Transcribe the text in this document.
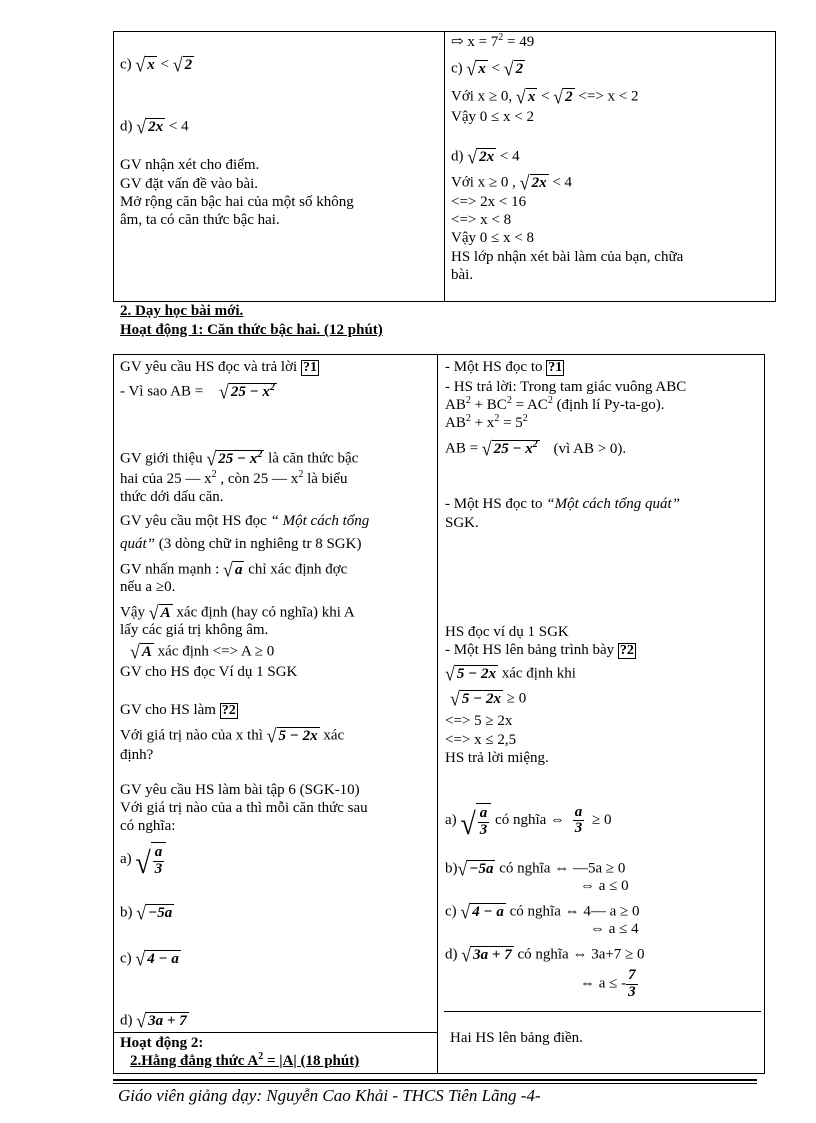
c) √ x < √ 2
d) √ 2x < 4
GV nhận xét cho điểm.
GV đặt vấn đề vào bài.
Mở rộng căn bậc hai của một số không
âm, ta có căn thức bậc hai.
⇨ $x = 7^2 = 49$
c) √ x < √ 2
Với x ≥ 0, √ x < √ 2 <=> x < 2
Vậy 0 ≤ x < 2
d) √ 2x < 4
Với x ≥ 0 , √ 2x < 4
<=> 2x < 16
<=> x < 8
Vậy 0 ≤ x < 8
HS lớp nhận xét bài làm của bạn, chữa
bài.
2. Dạy học bài mới.
Hoạt động 1: Căn thức bậc hai. (12 phút)
GV yêu cầu HS đọc và trả lời ?1
- Vì sao AB = √ $25 - x^2$
GV giới thiệu √ $25 - x^2$ là căn thức bậc
hai của 25 — $x^2$ , còn 25 — $x^2$ là biểu
thức dới dấu căn.
GV yêu cầu một HS đọc “ Một cách tổng
quát” (3 dòng chữ in nghiêng tr 8 SGK)
GV nhấn mạnh : √ a chỉ xác định đợc
nếu a ≥0.
Vậy √ A xác định (hay có nghĩa) khi A
lấy các giá trị không âm.
√ A xác định <=> A ≥ 0
GV cho HS đọc Ví dụ 1 SGK
GV cho HS làm ?2
Với giá trị nào của x thì √ 5 − 2x xác
định?
GV yêu cầu HS làm bài tập 6 (SGK-10)
Với giá trị nào của a thì mỗi căn thức sau
có nghĩa:
a) √ $\frac{a}{3}$
b) √ −5a
c) √ 4 − a
d) √ 3a + 7
Hoạt động 2:
2.Hằng đẳng thức $A^2 = |A|$ (18 phút)
- Một HS đọc to ?1
- HS trả lời: Trong tam giác vuông ABC
$AB^2 + BC^2 = AC^2$ (định lí Py-ta-go).
$AB^2 + x^2 = 5^2$
AB = √ $25 - x^2$ (vì AB > 0).
- Một HS đọc to “Một cách tổng quát”
SGK.
HS đọc ví dụ 1 SGK
- Một HS lên bảng trình bày ?2
√ 5 − 2x xác định khi
√ 5 − 2x ≥ 0
<=> 5 ≥ 2x
<=> x ≤ 2,5
HS trả lời miệng.
a) √ $\frac{a}{3}$ có nghĩa ⇔ $\frac{a}{3} \ge 0$
b) √ −5a có nghĩa ⇔ —5a ≥ 0
⇔ a ≤ 0
c) √ 4 − a có nghĩa ⇔ 4— a ≥ 0
⇔ a ≤ 4
d) √ 3a + 7 có nghĩa ⇔ 3a+7 ≥ 0
⇔ a ≤ - $\frac{7}{3}$
Hai HS lên bảng điền.
Giáo viên giảng dạy: Nguyễn Cao Khải - THCS Tiên Lãng -4-
